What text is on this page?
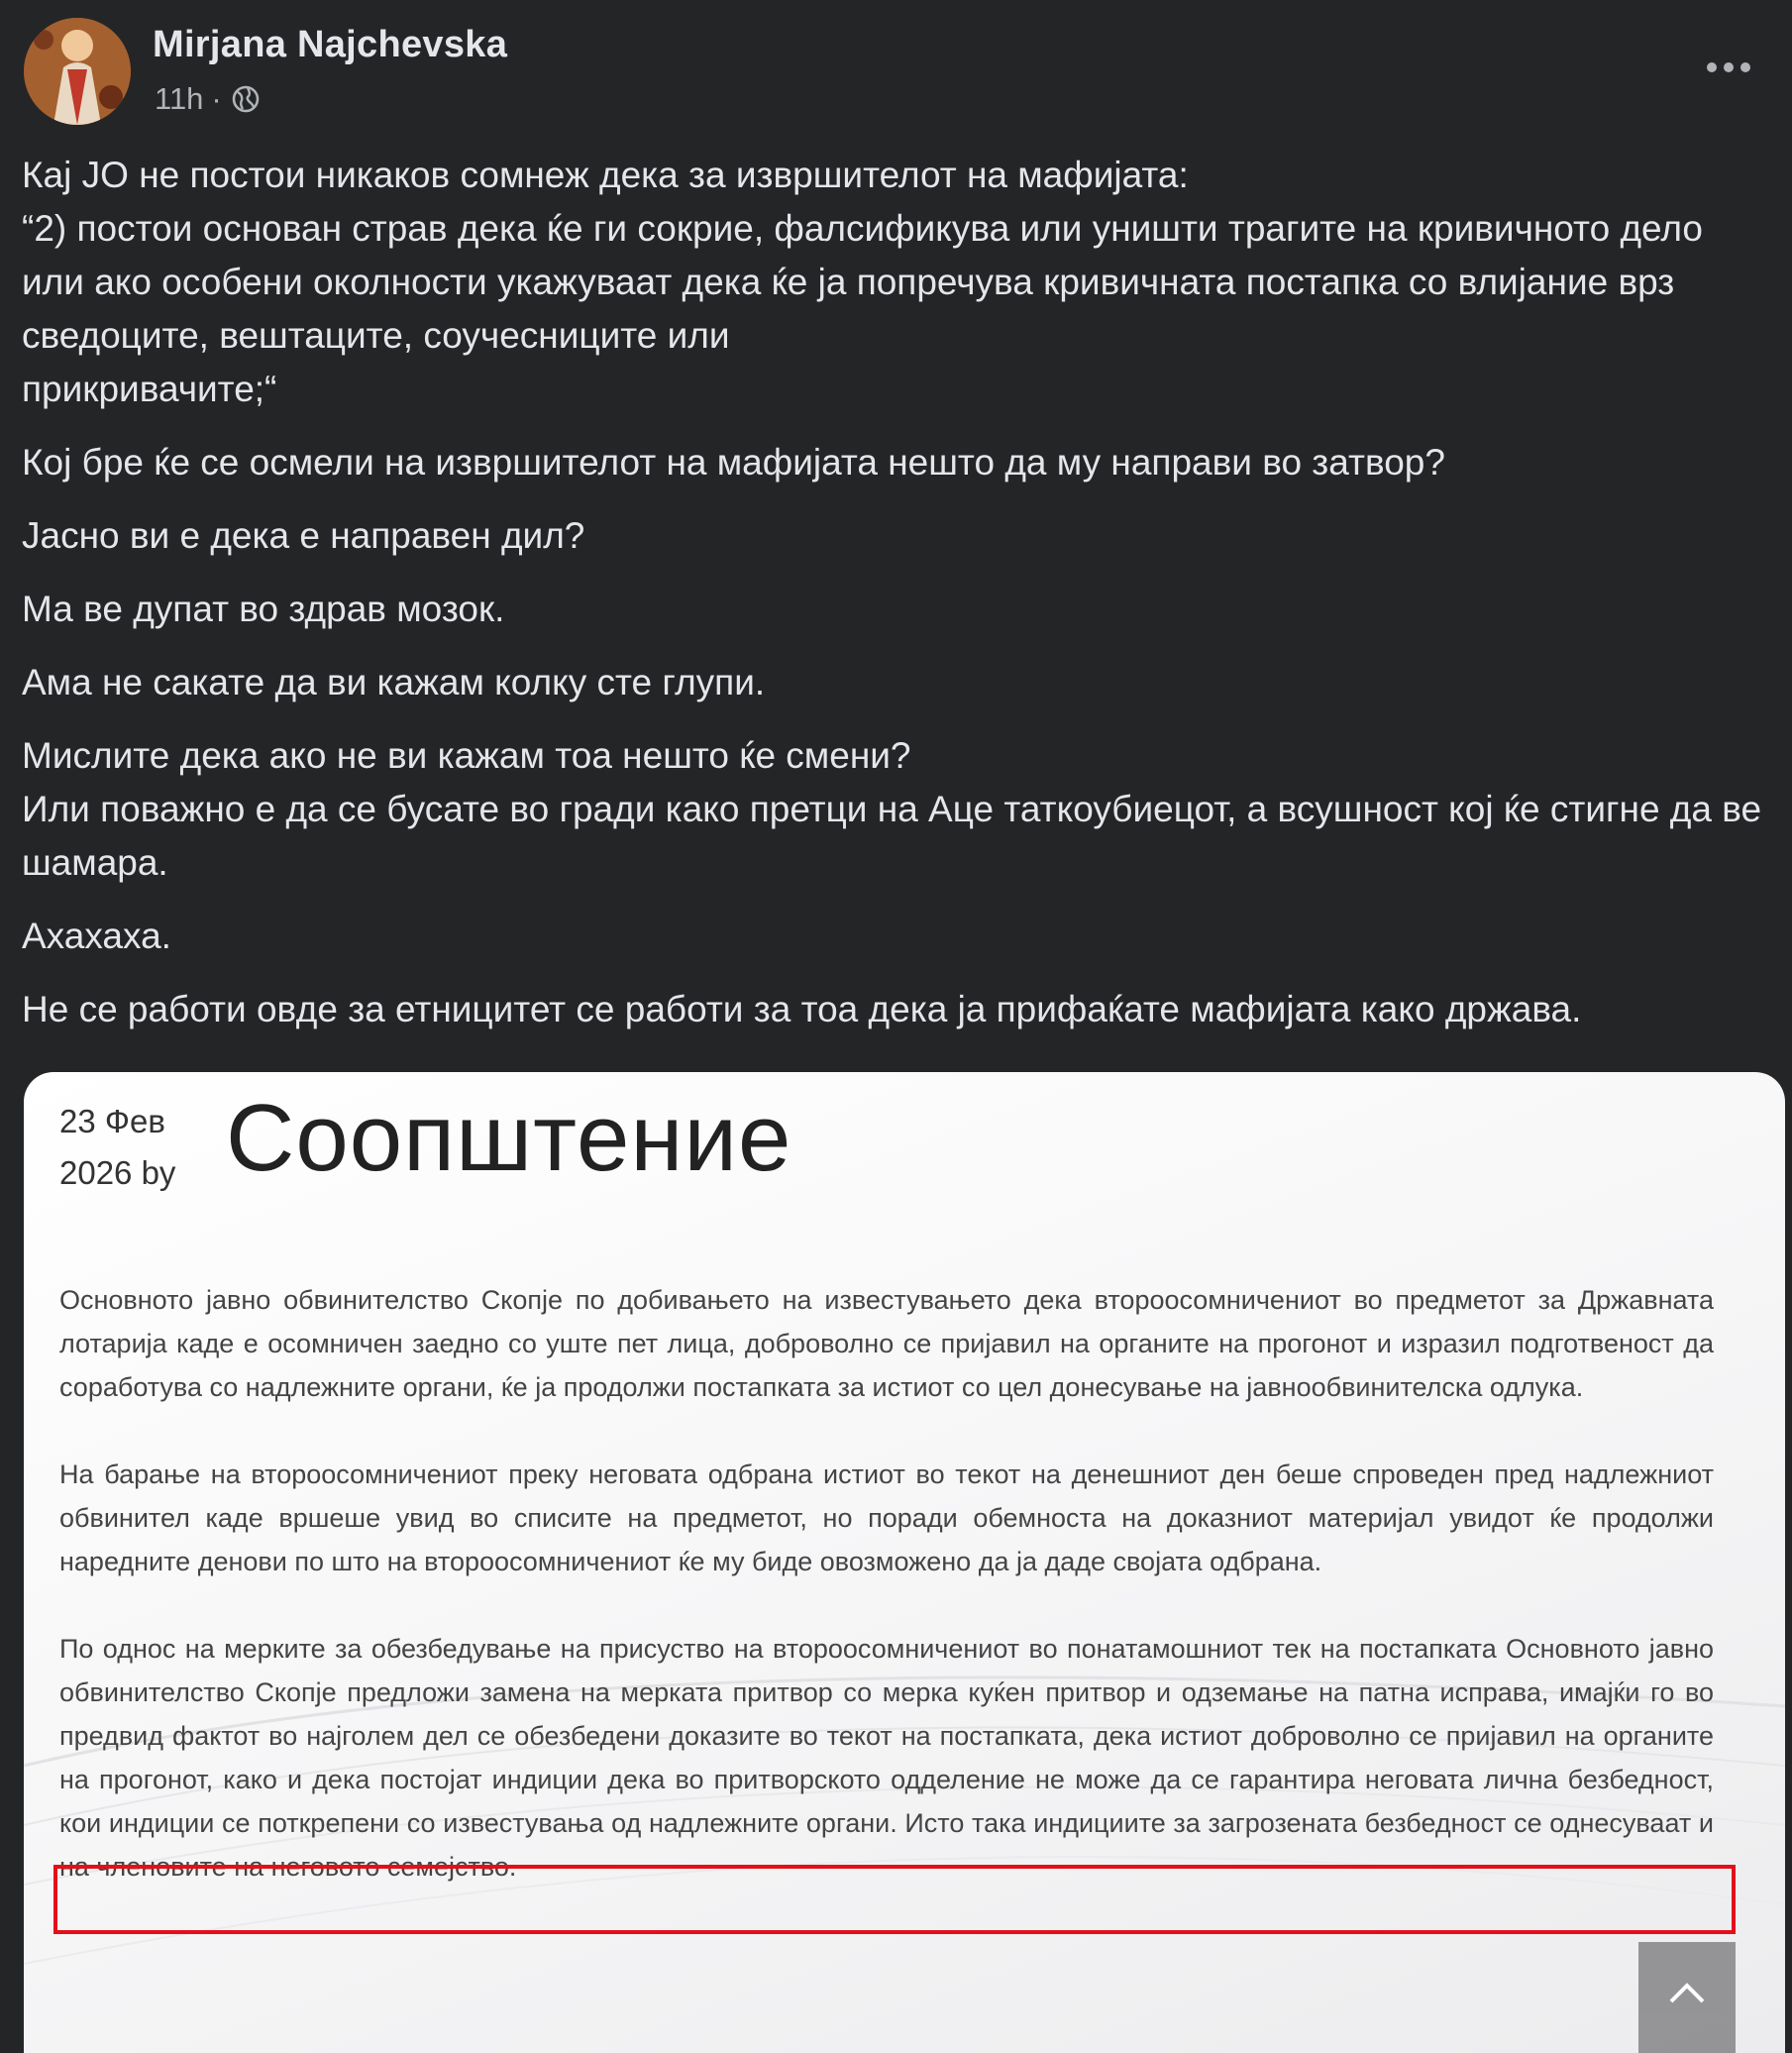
Mirjana Najchevska
11h ·

Кај ЈО не постои никаков сомнеж дека за извршителот на мафијата:
“2) постои основан страв дека ќе ги сокрие, фалсификува или уништи трагите на кривичното дело или ако особени околности укажуваат дека ќе ја попречува кривичната постапка со влијание врз сведоците, вештаците, соучесниците или
прикривачите;“

Кој бре ќе се осмели на извршителот на мафијата нешто да му направи во затвор?

Јасно ви е дека е направен дил?

Ма ве дупат во здрав мозок.

Ама не сакате да ви кажам колку сте глупи.

Мислите дека ако не ви кажам тоа нешто ќе смени?
Или поважно е да се бусате во гради како претци на Аце таткоубиецот, а всушност кој ќе стигне да ве шамара.

Ахахаха.

Не се работи овде за етницитет се работи за тоа дека ја прифаќате мафијата како држава.

23 Фев
2026 by Соопштение

Основното јавно обвинителство Скопје по добивањето на известувањето дека второосомничениот во предметот за Државната лотарија каде е осомничен заедно со уште пет лица, доброволно се пријавил на органите на прогонот и изразил подготвеност да соработува со надлежните органи, ќе ја продолжи постапката за истиот со цел донесување на јавнообвинителска одлука.

На барање на второосомничениот преку неговата одбрана истиот во текот на денешниот ден беше спроведен пред надлежниот обвинител каде вршеше увид во списите на предметот, но поради обемноста на доказниот материјал увидот ќе продолжи наредните денови по што на второосомничениот ќе му биде овозможено да ја даде својата одбрана.

По однос на мерките за обезбедување на присуство на второосомничениот во понатамошниот тек на постапката Основното јавно обвинителство Скопје предложи замена на мерката притвор со мерка куќен притвор и одземање на патна исправа, имајќи го во предвид фактот во најголем дел се обезбедени доказите во текот на постапката, дека истиот доброволно се пријавил на органите на прогонот, како и дека постојат индиции дека во притворското одделение не може да се гарантира неговата лична безбедност, кои индиции се поткрепени со известувања од надлежните органи. Исто така индициите за загрозената безбедност се однесуваат и на членовите на неговото семејство.
